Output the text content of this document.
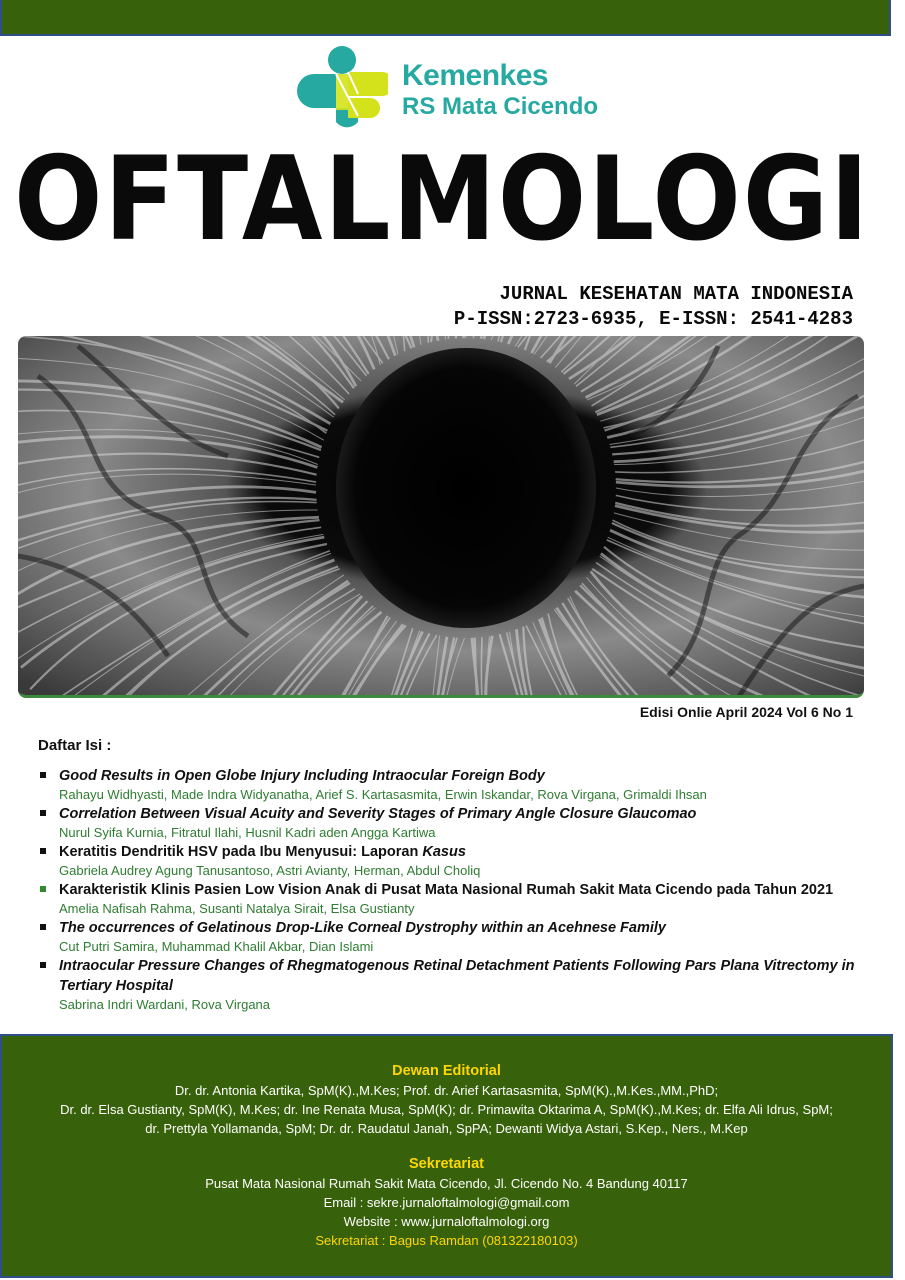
Kemenkes
RS Mata Cicendo
OFTALMOLOGI
JURNAL KESEHATAN MATA INDONESIA
P-ISSN:2723-6935, E-ISSN: 2541-4283
Edisi Onlie April 2024 Vol 6 No 1
Daftar Isi :
Good Results in Open Globe Injury Including Intraocular Foreign Body
Rahayu Widhyasti, Made Indra Widyanatha, Arief S. Kartasasmita, Erwin Iskandar, Rova Virgana, Grimaldi Ihsan
Correlation Between Visual Acuity and Severity Stages of Primary Angle Closure Glaucomao
Nurul Syifa Kurnia, Fitratul Ilahi, Husnil Kadri aden Angga Kartiwa
Keratitis Dendritik HSV pada Ibu Menyusui: Laporan Kasus
Gabriela Audrey Agung Tanusantoso, Astri Avianty, Herman, Abdul Choliq
Karakteristik Klinis Pasien Low Vision Anak di Pusat Mata Nasional Rumah Sakit Mata Cicendo pada Tahun 2021
Amelia Nafisah Rahma, Susanti Natalya Sirait, Elsa Gustianty
The occurrences of Gelatinous Drop-Like Corneal Dystrophy within an Acehnese Family
Cut Putri Samira, Muhammad Khalil Akbar, Dian Islami
Intraocular Pressure Changes of Rhegmatogenous Retinal Detachment Patients Following Pars Plana Vitrectomy in Tertiary Hospital
Sabrina Indri Wardani, Rova Virgana
Dewan Editorial
Dr. dr. Antonia Kartika, SpM(K).,M.Kes; Prof. dr. Arief Kartasasmita, SpM(K).,M.Kes.,MM.,PhD;
Dr. dr. Elsa Gustianty, SpM(K), M.Kes; dr. Ine Renata Musa, SpM(K); dr. Primawita Oktarima A, SpM(K).,M.Kes; dr. Elfa Ali Idrus, SpM;
dr. Prettyla Yollamanda, SpM; Dr. dr. Raudatul Janah, SpPA; Dewanti Widya Astari, S.Kep., Ners., M.Kep
Sekretariat
Pusat Mata Nasional Rumah Sakit Mata Cicendo, Jl. Cicendo No. 4 Bandung 40117
Email : sekre.jurnaloftalmologi@gmail.com
Website : www.jurnaloftalmologi.org
Sekretariat : Bagus Ramdan (081322180103)
